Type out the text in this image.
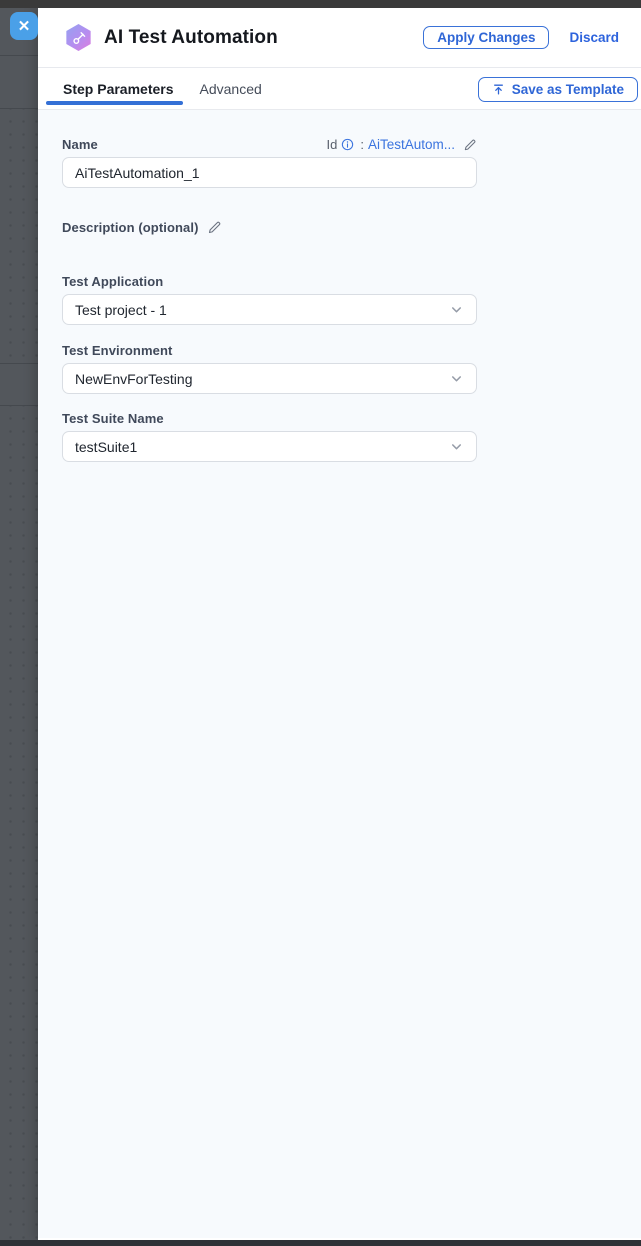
✕	AI Test Automation	Apply Changes	Discard
Step Parameters Advanced	Save as Template
Name	Id : AiTestAutom...
AiTestAutomation_1
Description (optional)
Test Application
Test project - 1
Test Environment
NewEnvForTesting
Test Suite Name
testSuite1
